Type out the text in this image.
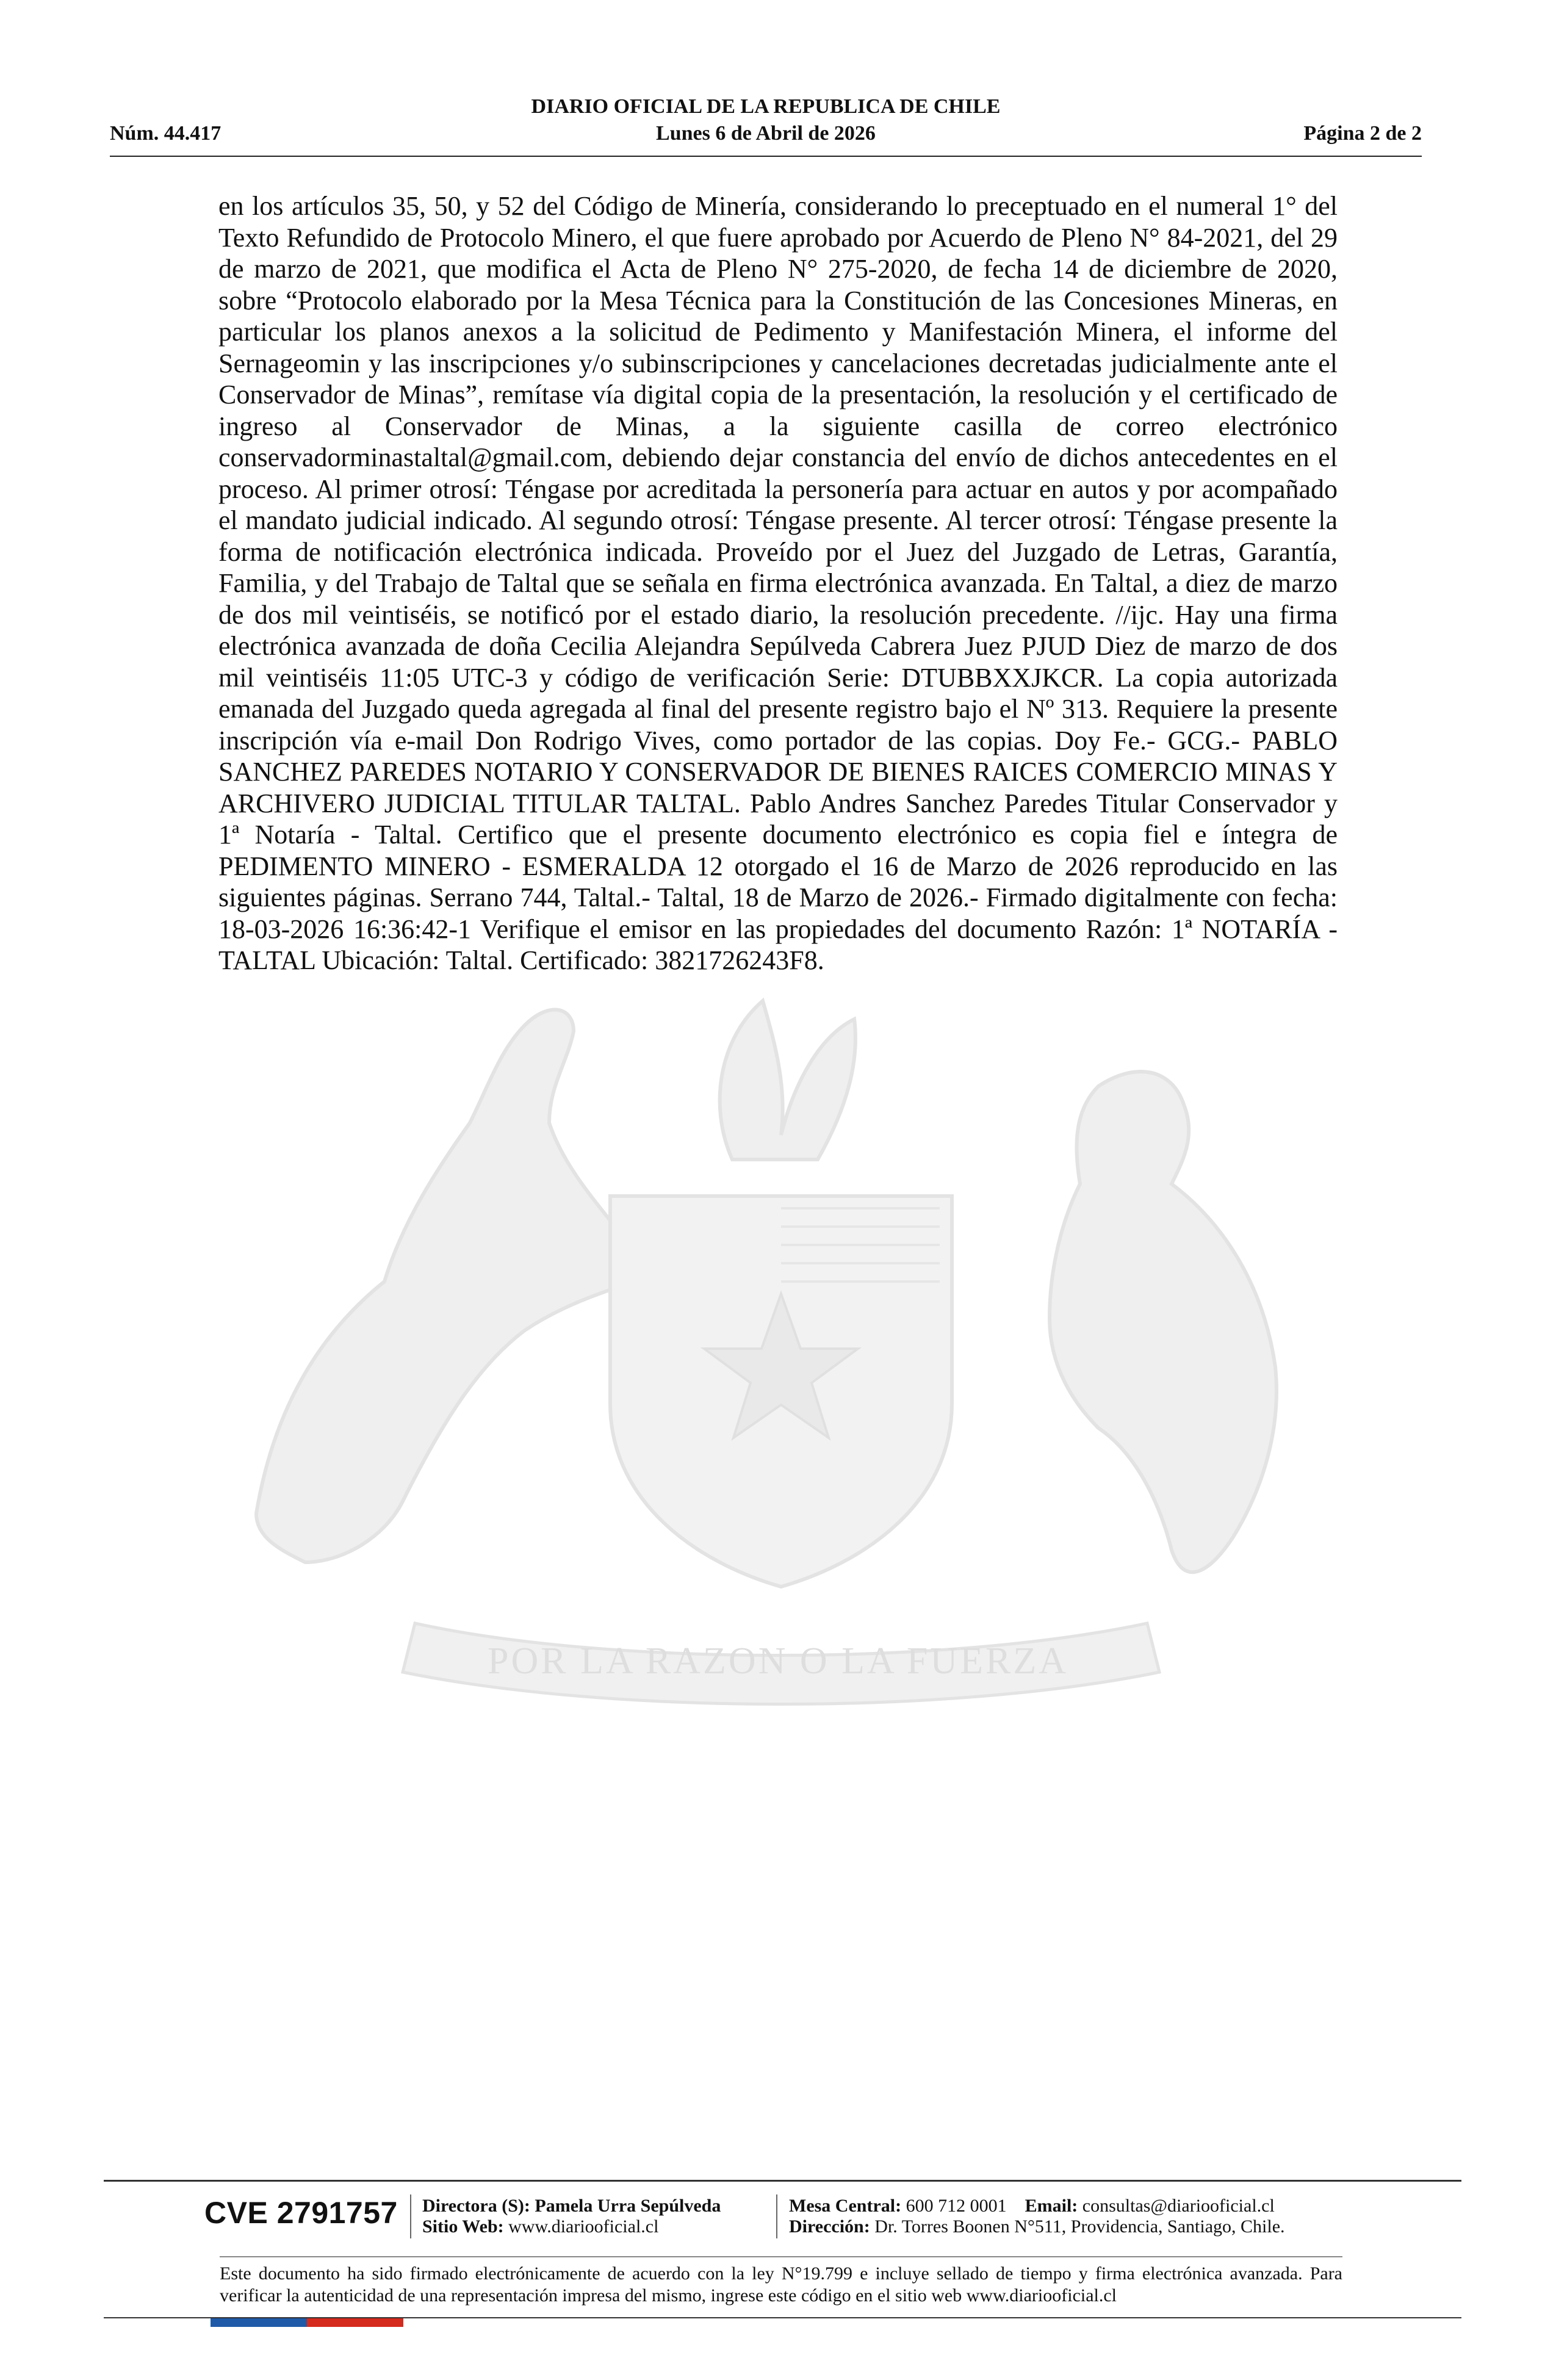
DIARIO OFICIAL DE LA REPUBLICA DE CHILE
Núm. 44.417	Lunes 6 de Abril de 2026	Página 2 de 2
POR LA RAZON O LA FUERZA
en los artículos 35, 50, y 52 del Código de Minería, considerando lo preceptuado en el numeral 1° del Texto Refundido de Protocolo Minero, el que fuere aprobado por Acuerdo de Pleno N° 84-2021, del 29 de marzo de 2021, que modifica el Acta de Pleno N° 275-2020, de fecha 14 de diciembre de 2020, sobre “Protocolo elaborado por la Mesa Técnica para la Constitución de las Concesiones Mineras, en particular los planos anexos a la solicitud de Pedimento y Manifestación Minera, el informe del Sernageomin y las inscripciones y/o subinscripciones y cancelaciones decretadas judicialmente ante el Conservador de Minas”, remítase vía digital copia de la presentación, la resolución y el certificado de ingreso al Conservador de Minas, a la siguiente casilla de correo electrónico conservadorminastaltal@gmail.com, debiendo dejar constancia del envío de dichos antecedentes en el proceso. Al primer otrosí: Téngase por acreditada la personería para actuar en autos y por acompañado el mandato judicial indicado. Al segundo otrosí: Téngase presente. Al tercer otrosí: Téngase presente la forma de notificación electrónica indicada. Proveído por el Juez del Juzgado de Letras, Garantía, Familia, y del Trabajo de Taltal que se señala en firma electrónica avanzada. En Taltal, a diez de marzo de dos mil veintiséis, se notificó por el estado diario, la resolución precedente. //ijc. Hay una firma electrónica avanzada de doña Cecilia Alejandra Sepúlveda Cabrera Juez PJUD Diez de marzo de dos mil veintiséis 11:05 UTC-3 y código de verificación Serie: DTUBBXXJKCR. La copia autorizada emanada del Juzgado queda agregada al final del presente registro bajo el Nº 313. Requiere la presente inscripción vía e-mail Don Rodrigo Vives, como portador de las copias. Doy Fe.- GCG.- PABLO SANCHEZ PAREDES NOTARIO Y CONSERVADOR DE BIENES RAICES COMERCIO MINAS Y ARCHIVERO JUDICIAL TITULAR TALTAL. Pablo Andres Sanchez Paredes Titular Conservador y 1ª Notaría - Taltal. Certifico que el presente documento electrónico es copia fiel e íntegra de PEDIMENTO MINERO - ESMERALDA 12 otorgado el 16 de Marzo de 2026 reproducido en las siguientes páginas. Serrano 744, Taltal.- Taltal, 18 de Marzo de 2026.- Firmado digitalmente con fecha: 18-03-2026 16:36:42-1 Verifique el emisor en las propiedades del documento Razón: 1ª NOTARÍA - TALTAL Ubicación: Taltal. Certificado: 3821726243F8.
CVE 2791757 Directora (S): Pamela Urra Sepúlveda
Sitio Web: www.diariooficial.cl
Mesa Central: 600 712 0001 Email: consultas@diariooficial.cl
Dirección: Dr. Torres Boonen N°511, Providencia, Santiago, Chile.
Este documento ha sido firmado electrónicamente de acuerdo con la ley N°19.799 e incluye sellado de tiempo y firma electrónica avanzada. Para verificar la autenticidad de una representación impresa del mismo, ingrese este código en el sitio web www.diariooficial.cl
